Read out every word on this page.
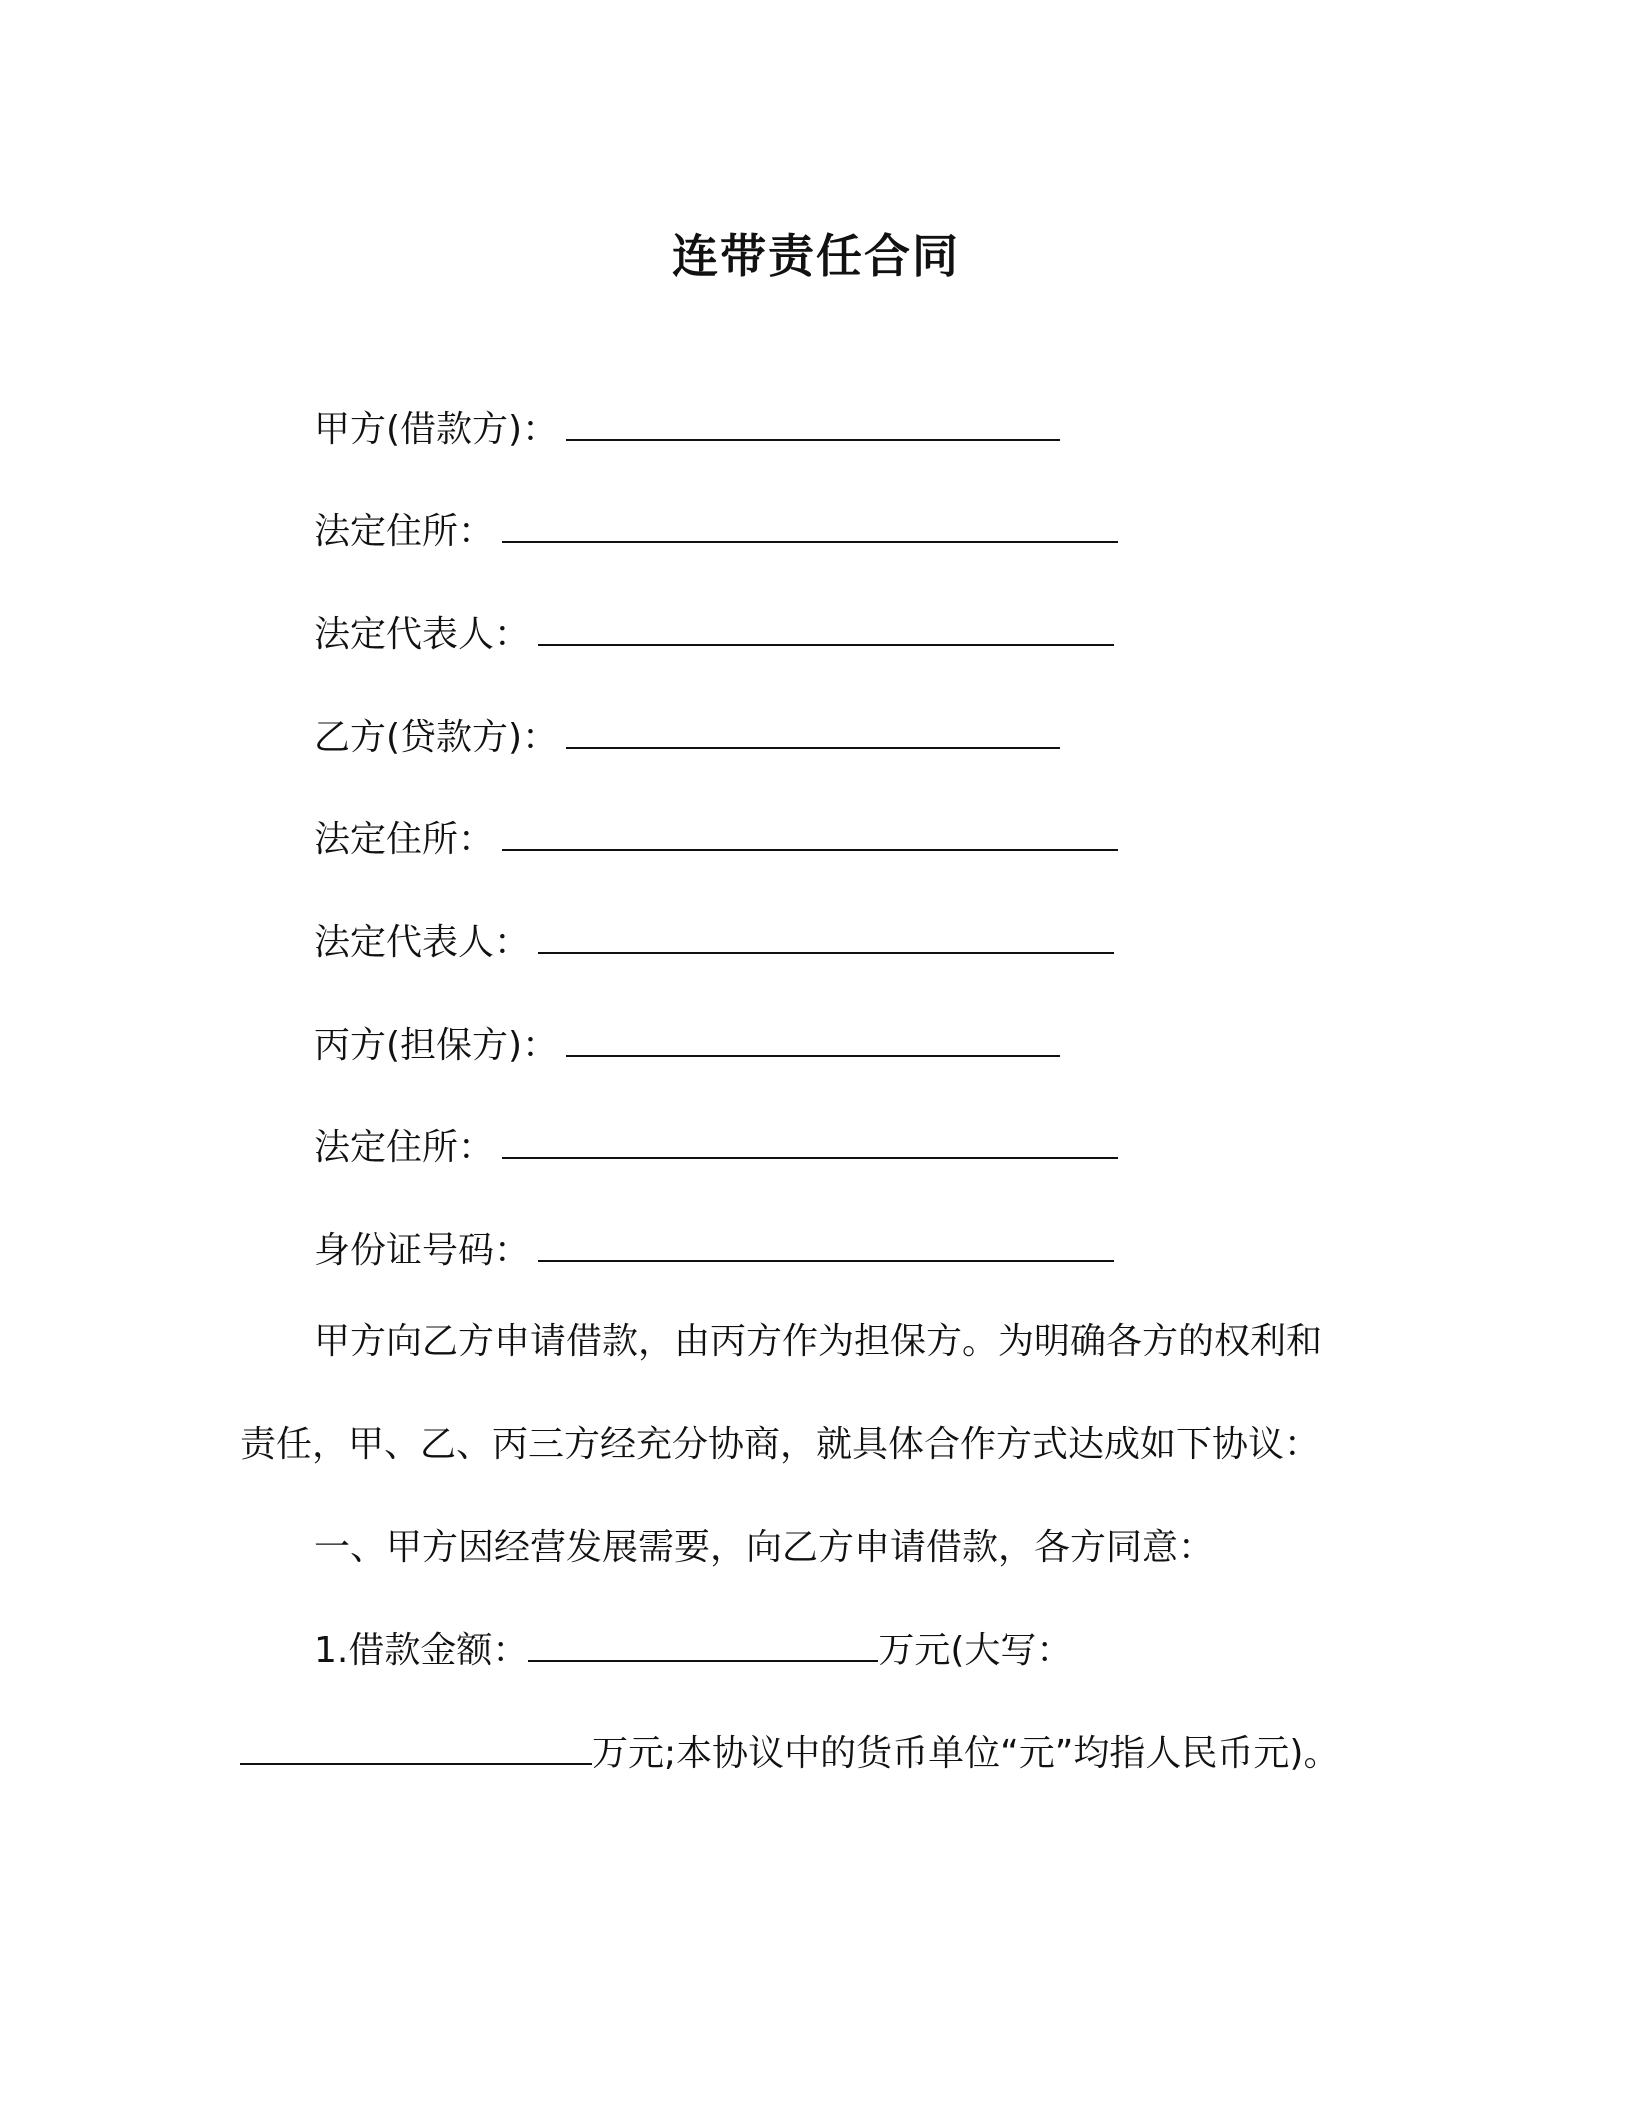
连带责任合同
甲方(借款方)：
法定住所：
法定代表人：
乙方(贷款方)：
法定住所：
法定代表人：
丙方(担保方)：
法定住所：
身份证号码：

甲方向乙方申请借款，由丙方作为担保方。为明确各方的权利和
责任，甲、乙、丙三方经充分协商，就具体合作方式达成如下协议：

一、甲方因经营发展需要，向乙方申请借款，各方同意：

1.借款金额：	万元(大写：
万元;本协议中的货币单位“元”均指人民币元)。
